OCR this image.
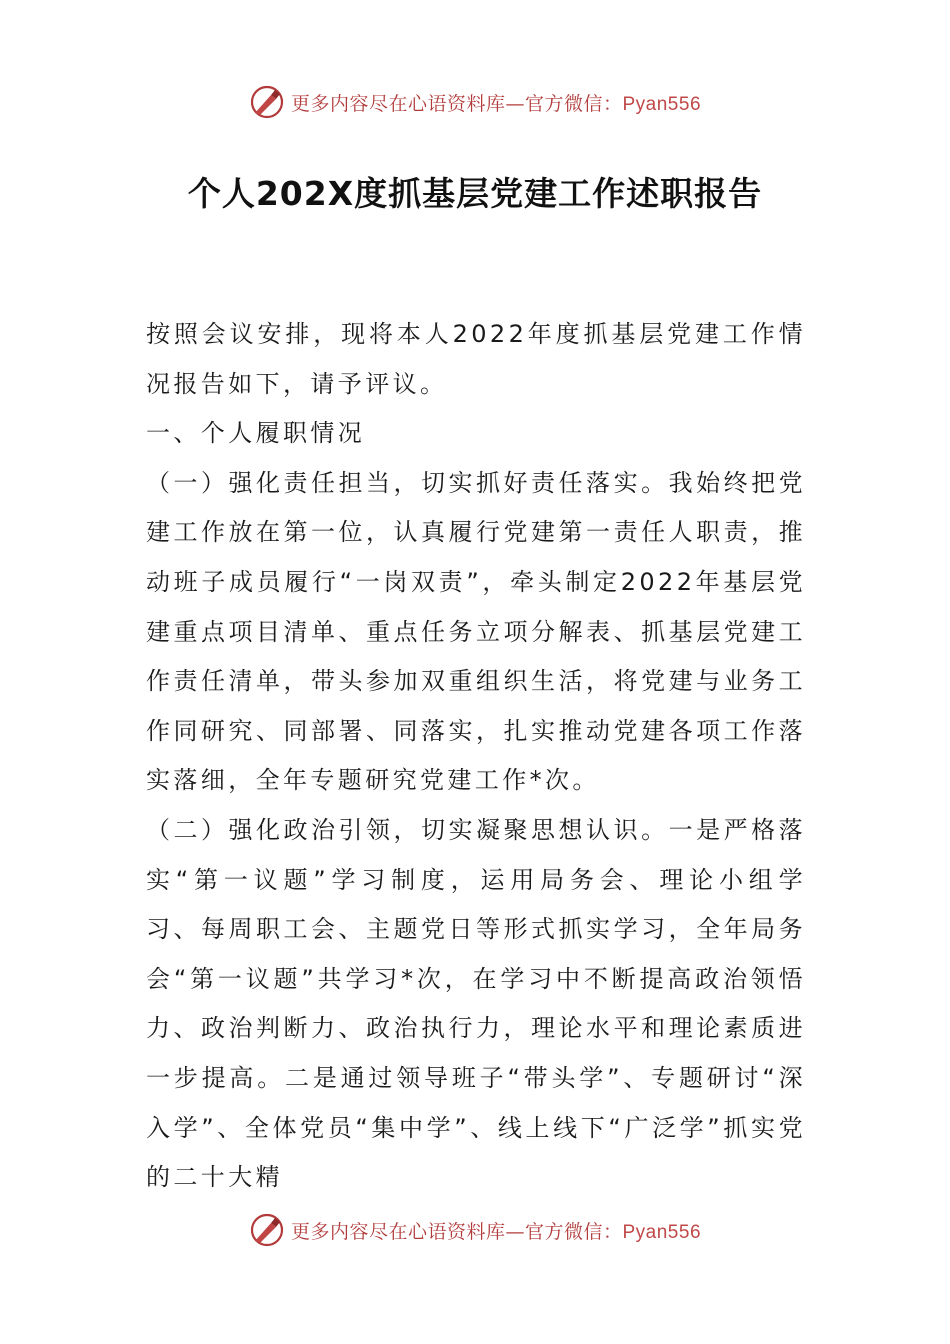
更多内容尽在心语资料库—官方微信：Pyan556
个人202X度抓基层党建工作述职报告

按照会议安排，现将本人2022年度抓基层党建工作情况报告如下，请予评议。

一、个人履职情况

（一）强化责任担当，切实抓好责任落实。我始终把党建工作放在第一位，认真履行党建第一责任人职责，推动班子成员履行“一岗双责”，牵头制定2022年基层党建重点项目清单、重点任务立项分解表、抓基层党建工作责任清单，带头参加双重组织生活，将党建与业务工作同研究、同部署、同落实，扎实推动党建各项工作落实落细，全年专题研究党建工作*次。

（二）强化政治引领，切实凝聚思想认识。一是严格落实“第一议题”学习制度，运用局务会、理论小组学习、每周职工会、主题党日等形式抓实学习，全年局务会“第一议题”共学习*次，在学习中不断提高政治领悟力、政治判断力、政治执行力，理论水平和理论素质进一步提高。二是通过领导班子“带头学”、专题研讨“深入学”、全体党员“集中学”、线上线下“广泛学”抓实党的二十大精

更多内容尽在心语资料库—官方微信：Pyan556
